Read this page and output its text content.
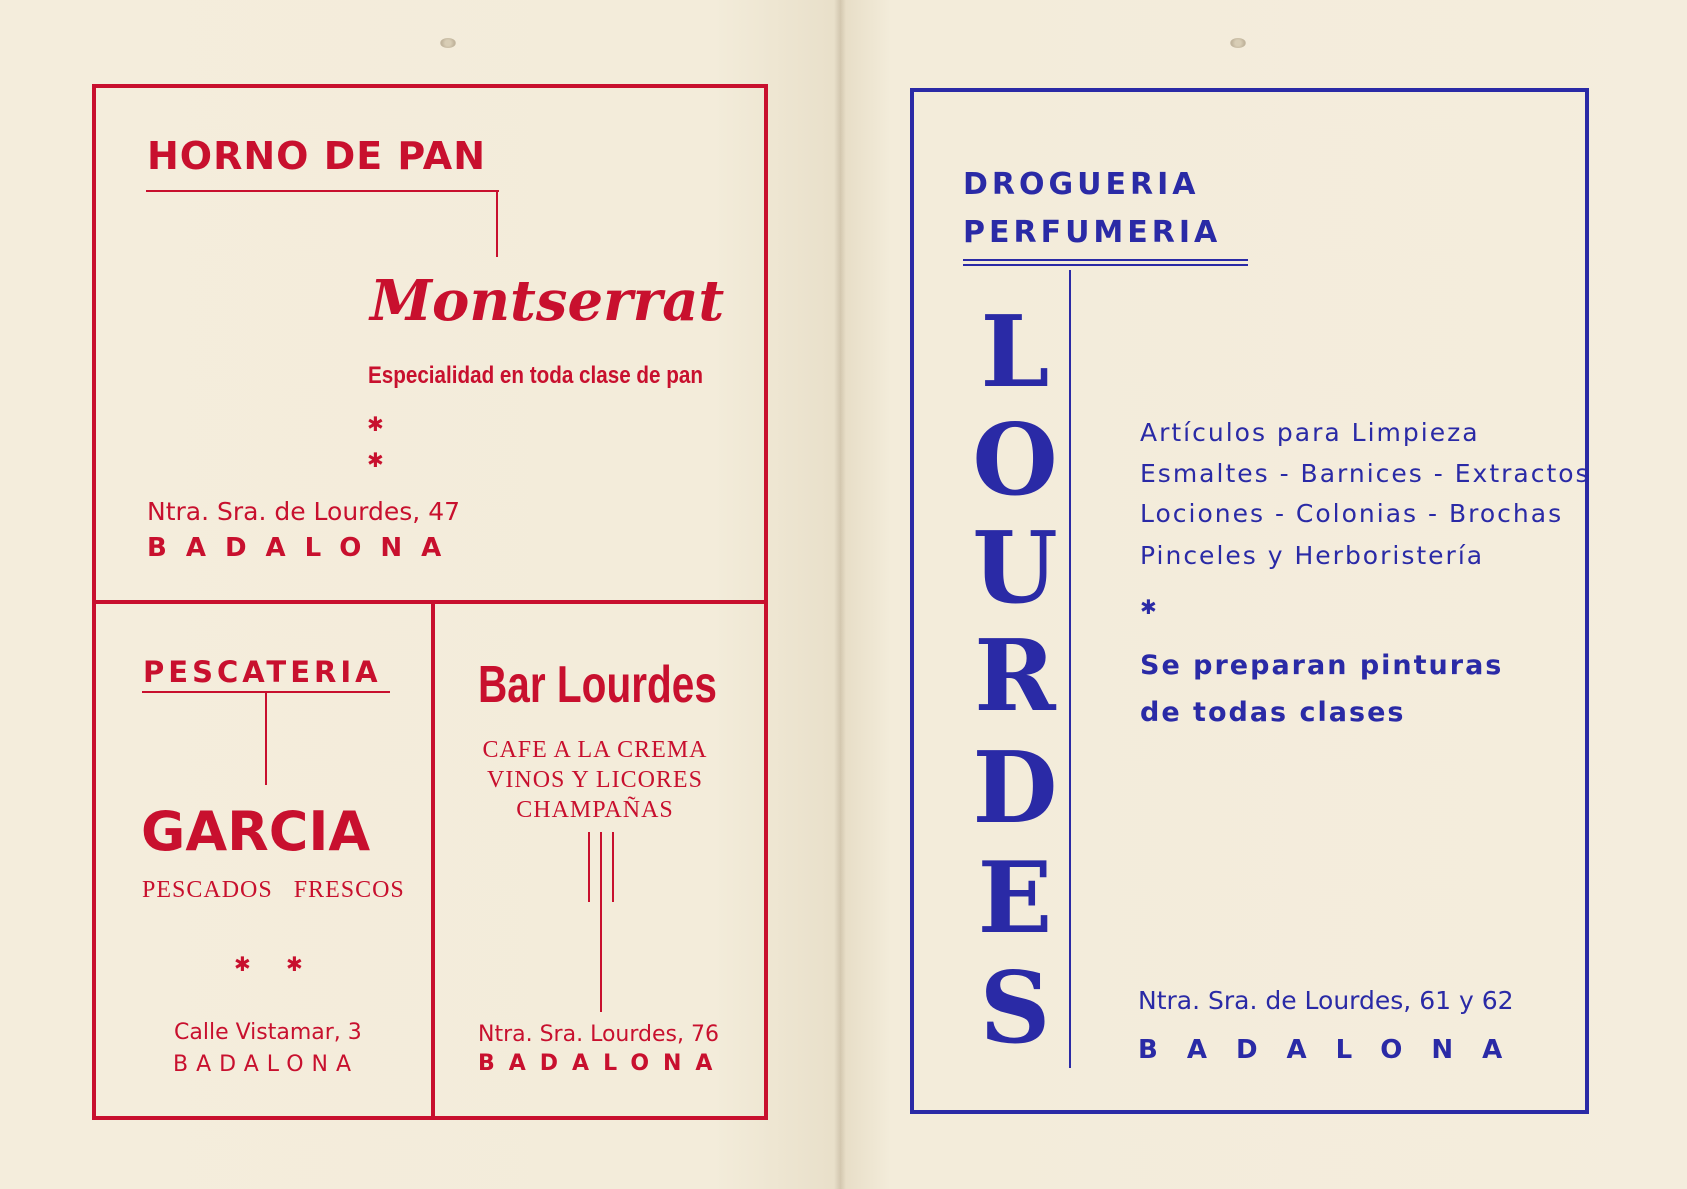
HORNO DE PAN
Montserrat
Especialidad en toda clase de pan
✱
✱
Ntra. Sra. de Lourdes, 47
BADALONA
PESCATERIA
GARCIA
PESCADOS   FRESCOS
✱ ✱
Calle Vistamar, 3
BADALONA
Bar Lourdes
CAFE A LA CREMA
VINOS Y LICORES
CHAMPAÑAS
Ntra. Sra. Lourdes, 76
BADALONA
DROGUERIA
PERFUMERIA
L
O
U
R
D
E
S
Artículos para Limpieza
Esmaltes - Barnices - Extractos
Lociones - Colonias - Brochas
Pinceles y Herboristería
✱
Se preparan pinturas
de todas clases
Ntra. Sra. de Lourdes, 61 y 62
BADALONA
